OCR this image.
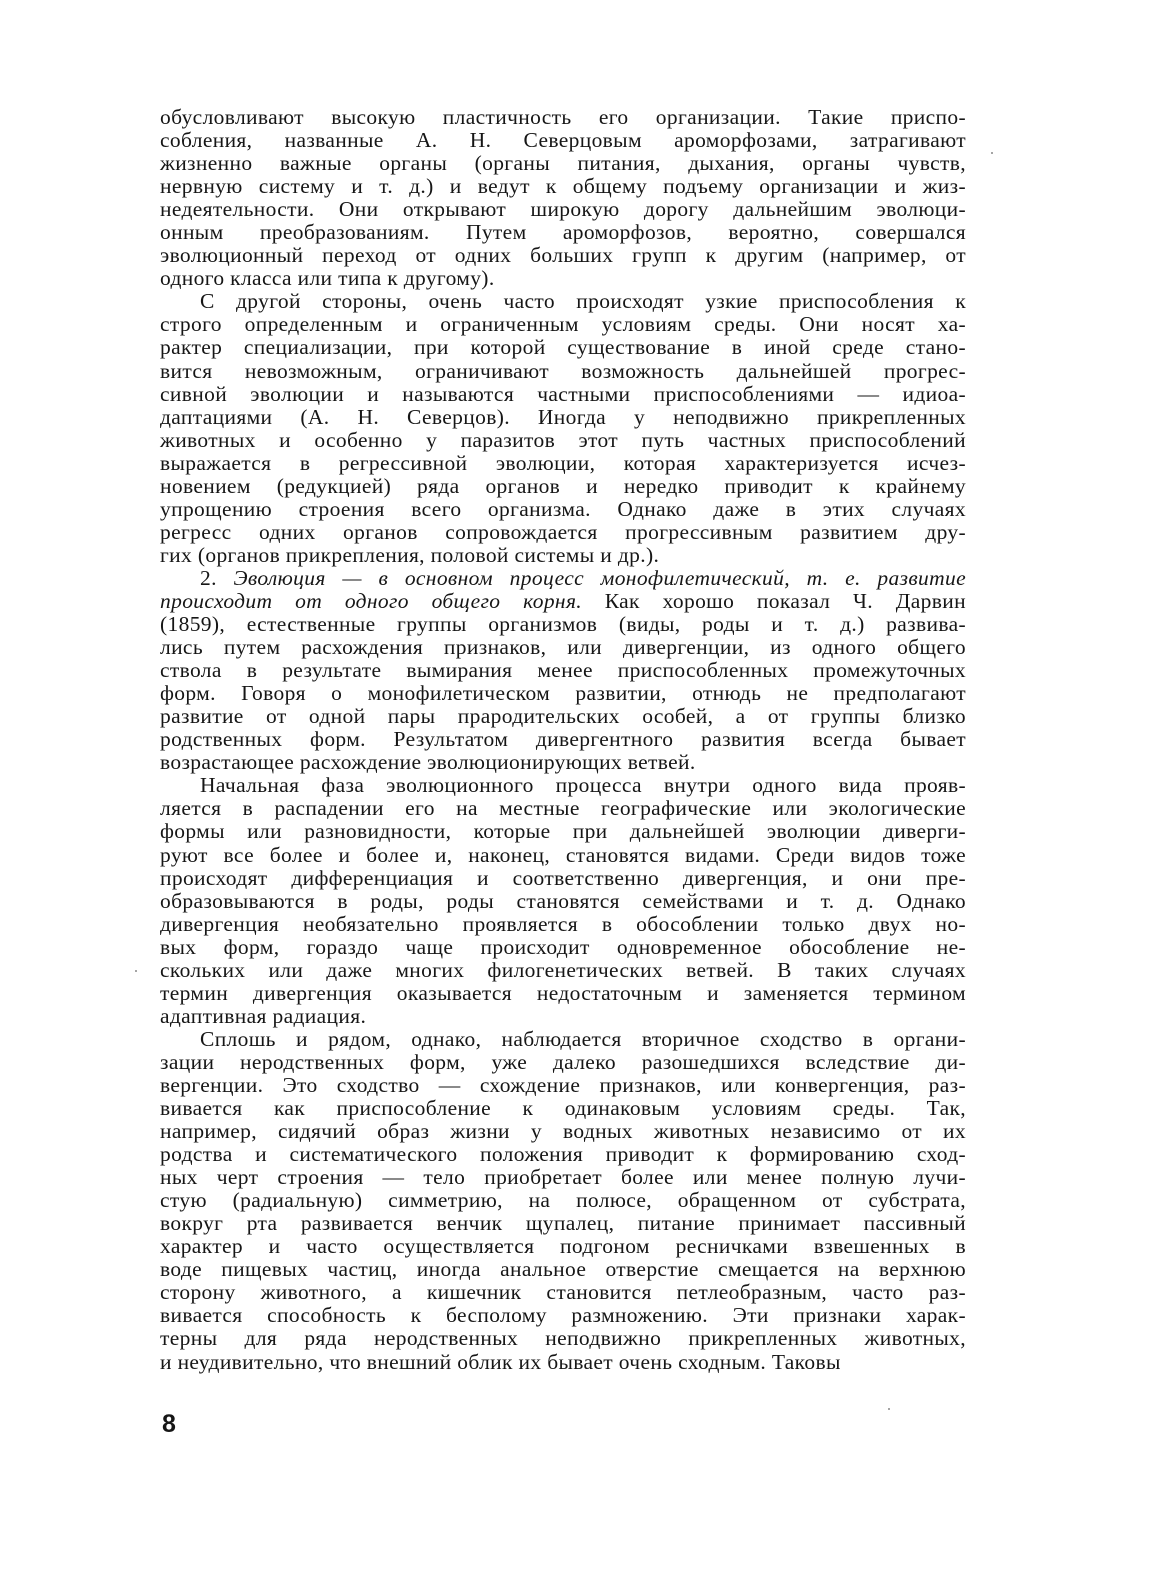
обусловливают высокую пластичность его организации. Такие приспо-
собления, названные А. Н. Северцовым ароморфозами, затрагивают
жизненно важные органы (органы питания, дыхания, органы чувств,
нервную систему и т. д.) и ведут к общему подъему организации и жиз-
недеятельности. Они открывают широкую дорогу дальнейшим эволюци-
онным преобразованиям. Путем ароморфозов, вероятно, совершался
эволюционный переход от одних больших групп к другим (например, от
одного класса или типа к другому).
С другой стороны, очень часто происходят узкие приспособления к
строго определенным и ограниченным условиям среды. Они носят ха-
рактер специализации, при которой существование в иной среде стано-
вится невозможным, ограничивают возможность дальнейшей прогрес-
сивной эволюции и называются частными приспособлениями — идиоа-
даптациями (А. Н. Северцов). Иногда у неподвижно прикрепленных
животных и особенно у паразитов этот путь частных приспособлений
выражается в регрессивной эволюции, которая характеризуется исчез-
новением (редукцией) ряда органов и нередко приводит к крайнему
упрощению строения всего организма. Однако даже в этих случаях
регресс одних органов сопровождается прогрессивным развитием дру-
гих (органов прикрепления, половой системы и др.).
2. Эволюция — в основном процесс монофилетический, т. е. развитие
происходит от одного общего корня. Как хорошо показал Ч. Дарвин
(1859), естественные группы организмов (виды, роды и т. д.) развива-
лись путем расхождения признаков, или дивергенции, из одного общего
ствола в результате вымирания менее приспособленных промежуточных
форм. Говоря о монофилетическом развитии, отнюдь не предполагают
развитие от одной пары прародительских особей, а от группы близко
родственных форм. Результатом дивергентного развития всегда бывает
возрастающее расхождение эволюционирующих ветвей.
Начальная фаза эволюционного процесса внутри одного вида прояв-
ляется в распадении его на местные географические или экологические
формы или разновидности, которые при дальнейшей эволюции диверги-
руют все более и более и, наконец, становятся видами. Среди видов тоже
происходят дифференциация и соответственно дивергенция, и они пре-
образовываются в роды, роды становятся семействами и т. д. Однако
дивергенция необязательно проявляется в обособлении только двух но-
вых форм, гораздо чаще происходит одновременное обособление не-
скольких или даже многих филогенетических ветвей. В таких случаях
термин дивергенция оказывается недостаточным и заменяется термином
адаптивная радиация.
Сплошь и рядом, однако, наблюдается вторичное сходство в органи-
зации неродственных форм, уже далеко разошедшихся вследствие ди-
вергенции. Это сходство — схождение признаков, или конвергенция, раз-
вивается как приспособление к одинаковым условиям среды. Так,
например, сидячий образ жизни у водных животных независимо от их
родства и систематического положения приводит к формированию сход-
ных черт строения — тело приобретает более или менее полную лучи-
стую (радиальную) симметрию, на полюсе, обращенном от субстрата,
вокруг рта развивается венчик щупалец, питание принимает пассивный
характер и часто осуществляется подгоном ресничками взвешенных в
воде пищевых частиц, иногда анальное отверстие смещается на верхнюю
сторону животного, а кишечник становится петлеобразным, часто раз-
вивается способность к бесполому размножению. Эти признаки харак-
терны для ряда неродственных неподвижно прикрепленных животных,
и неудивительно, что внешний облик их бывает очень сходным. Таковы
8
